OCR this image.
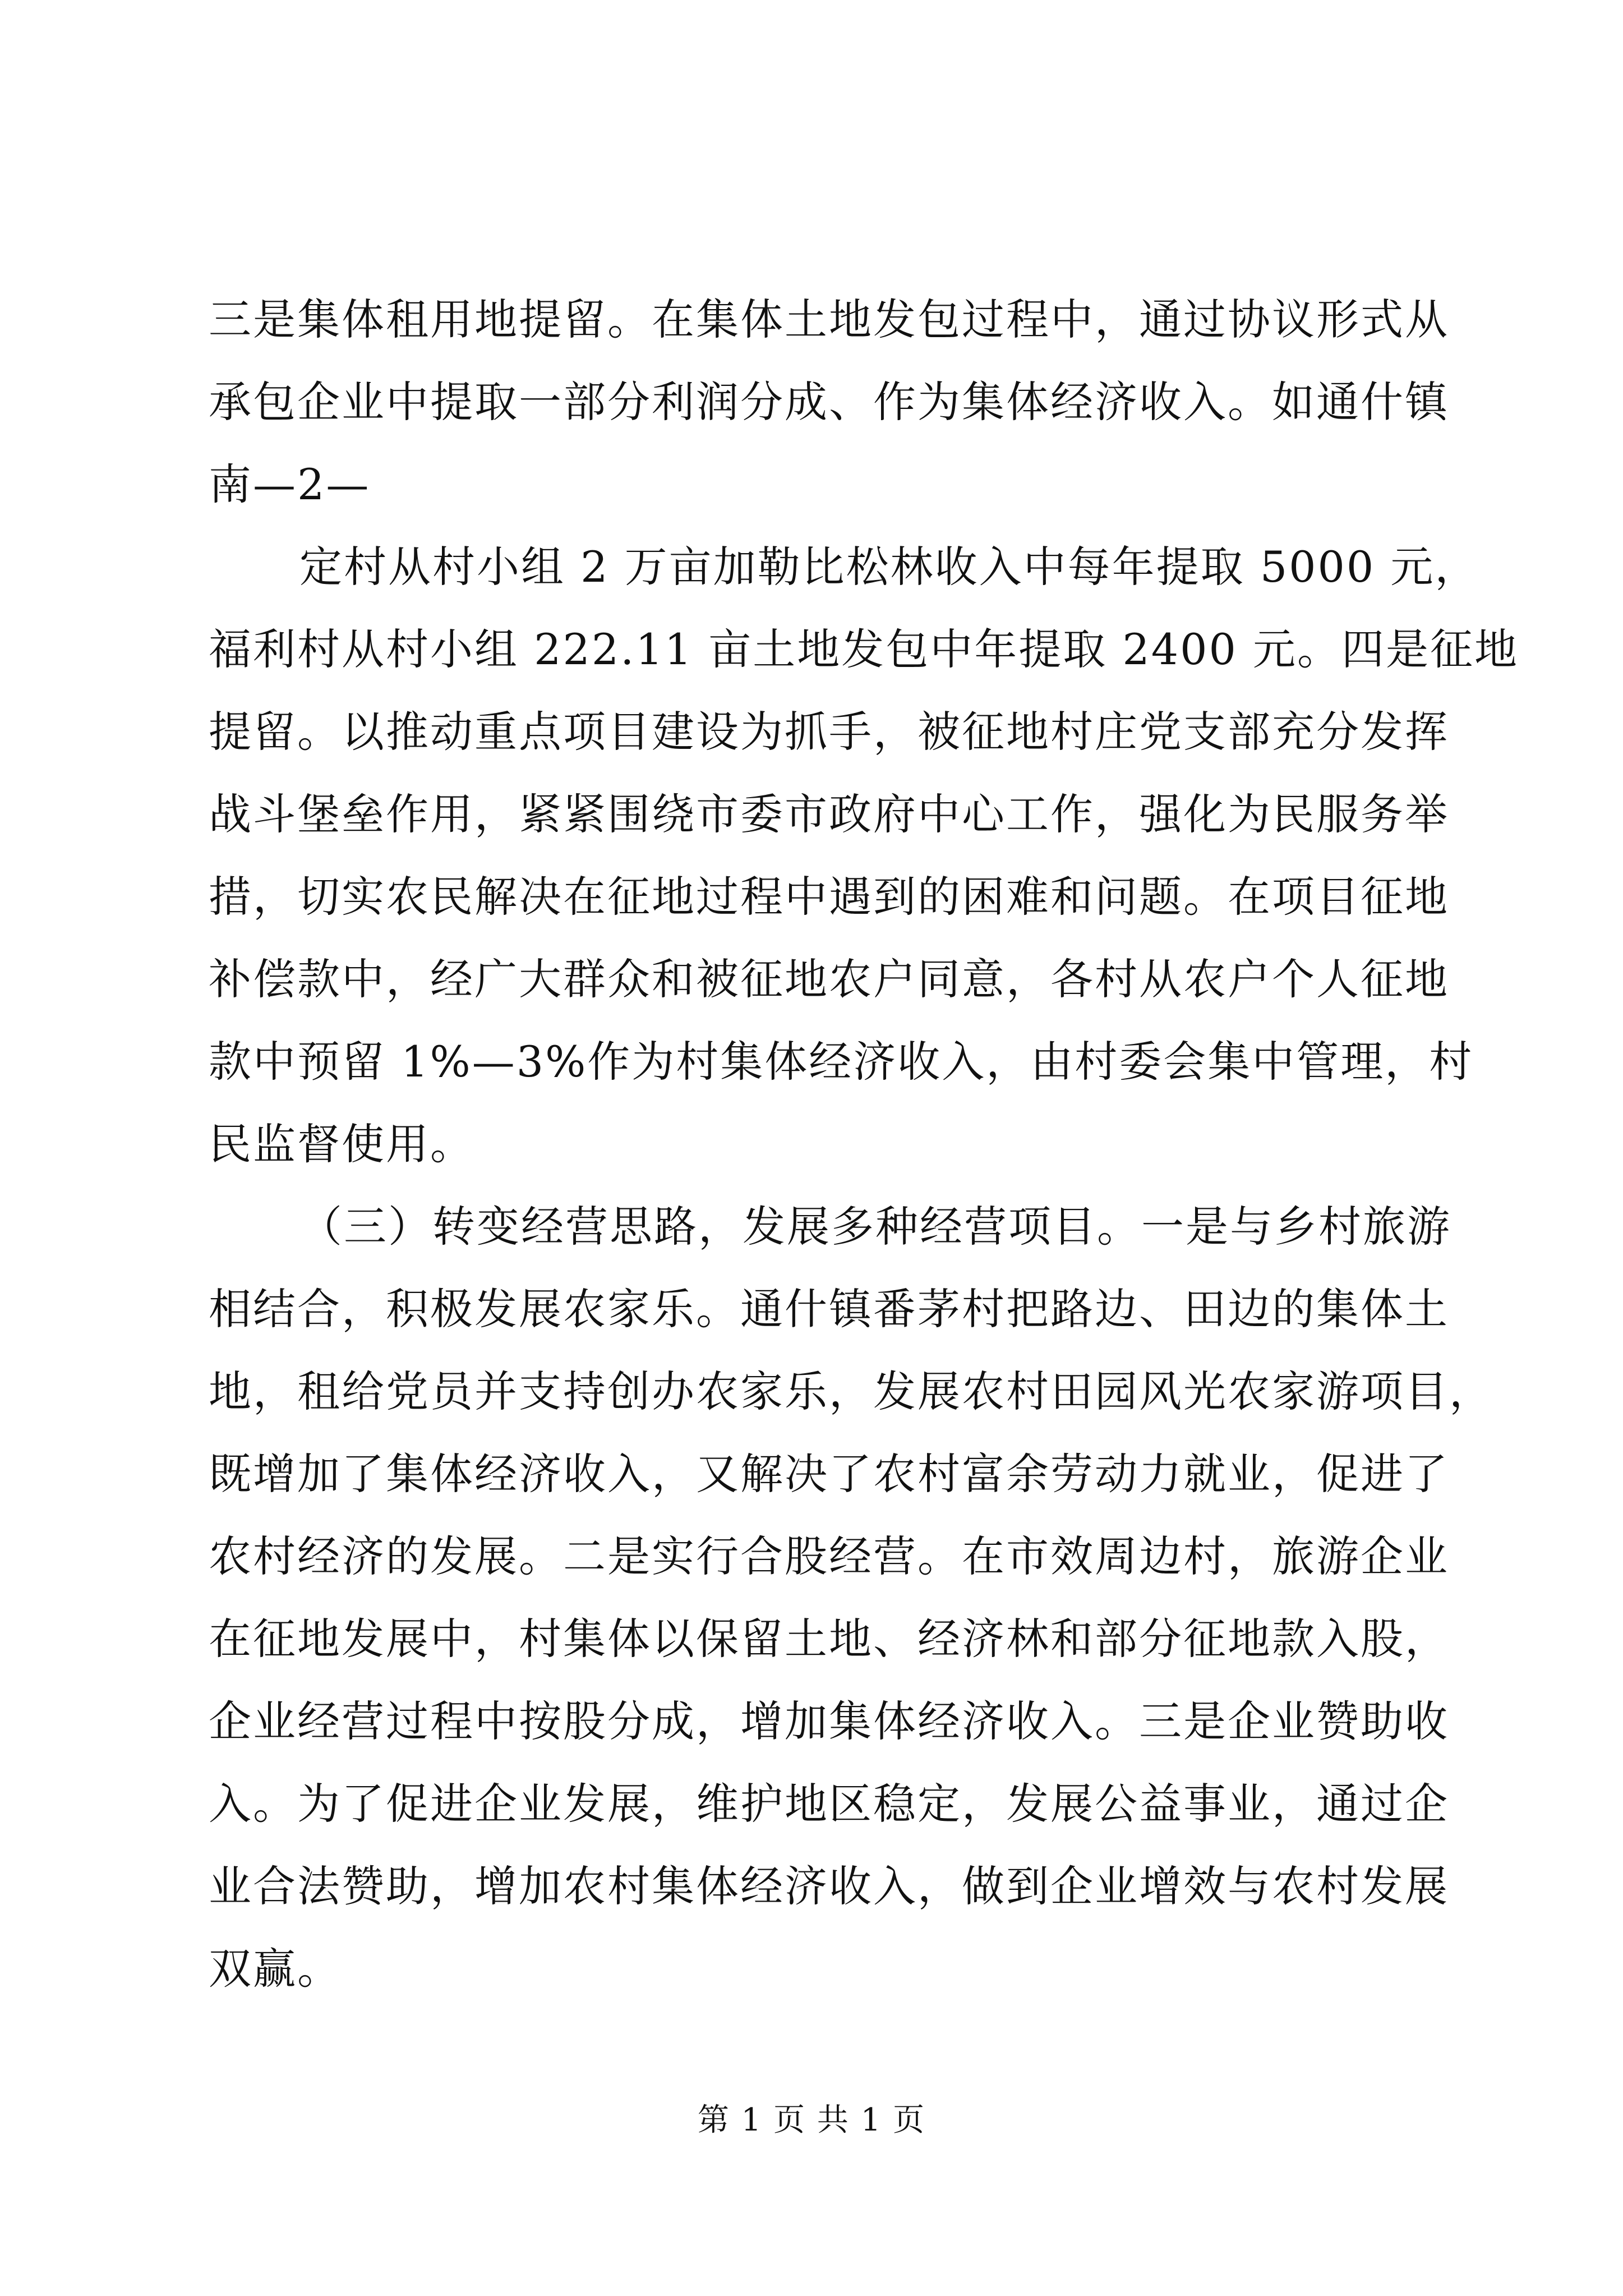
三是集体租用地提留。在集体土地发包过程中，通过协议形式从
承包企业中提取一部分利润分成、作为集体经济收入。如通什镇
南—2—
定村从村小组 2 万亩加勒比松林收入中每年提取 5000 元，
福利村从村小组 222.11 亩土地发包中年提取 2400 元。四是征地
提留。以推动重点项目建设为抓手，被征地村庄党支部充分发挥
战斗堡垒作用，紧紧围绕市委市政府中心工作，强化为民服务举
措，切实农民解决在征地过程中遇到的困难和问题。在项目征地
补偿款中，经广大群众和被征地农户同意，各村从农户个人征地
款中预留 1%—3%作为村集体经济收入，由村委会集中管理，村
民监督使用。
（三）转变经营思路，发展多种经营项目。一是与乡村旅游
相结合，积极发展农家乐。通什镇番茅村把路边、田边的集体土
地，租给党员并支持创办农家乐，发展农村田园风光农家游项目，
既增加了集体经济收入，又解决了农村富余劳动力就业，促进了
农村经济的发展。二是实行合股经营。在市效周边村，旅游企业
在征地发展中，村集体以保留土地、经济林和部分征地款入股，
企业经营过程中按股分成，增加集体经济收入。三是企业赞助收
入。为了促进企业发展，维护地区稳定，发展公益事业，通过企
业合法赞助，增加农村集体经济收入，做到企业增效与农村发展
双赢。
第 1 页 共 1 页
